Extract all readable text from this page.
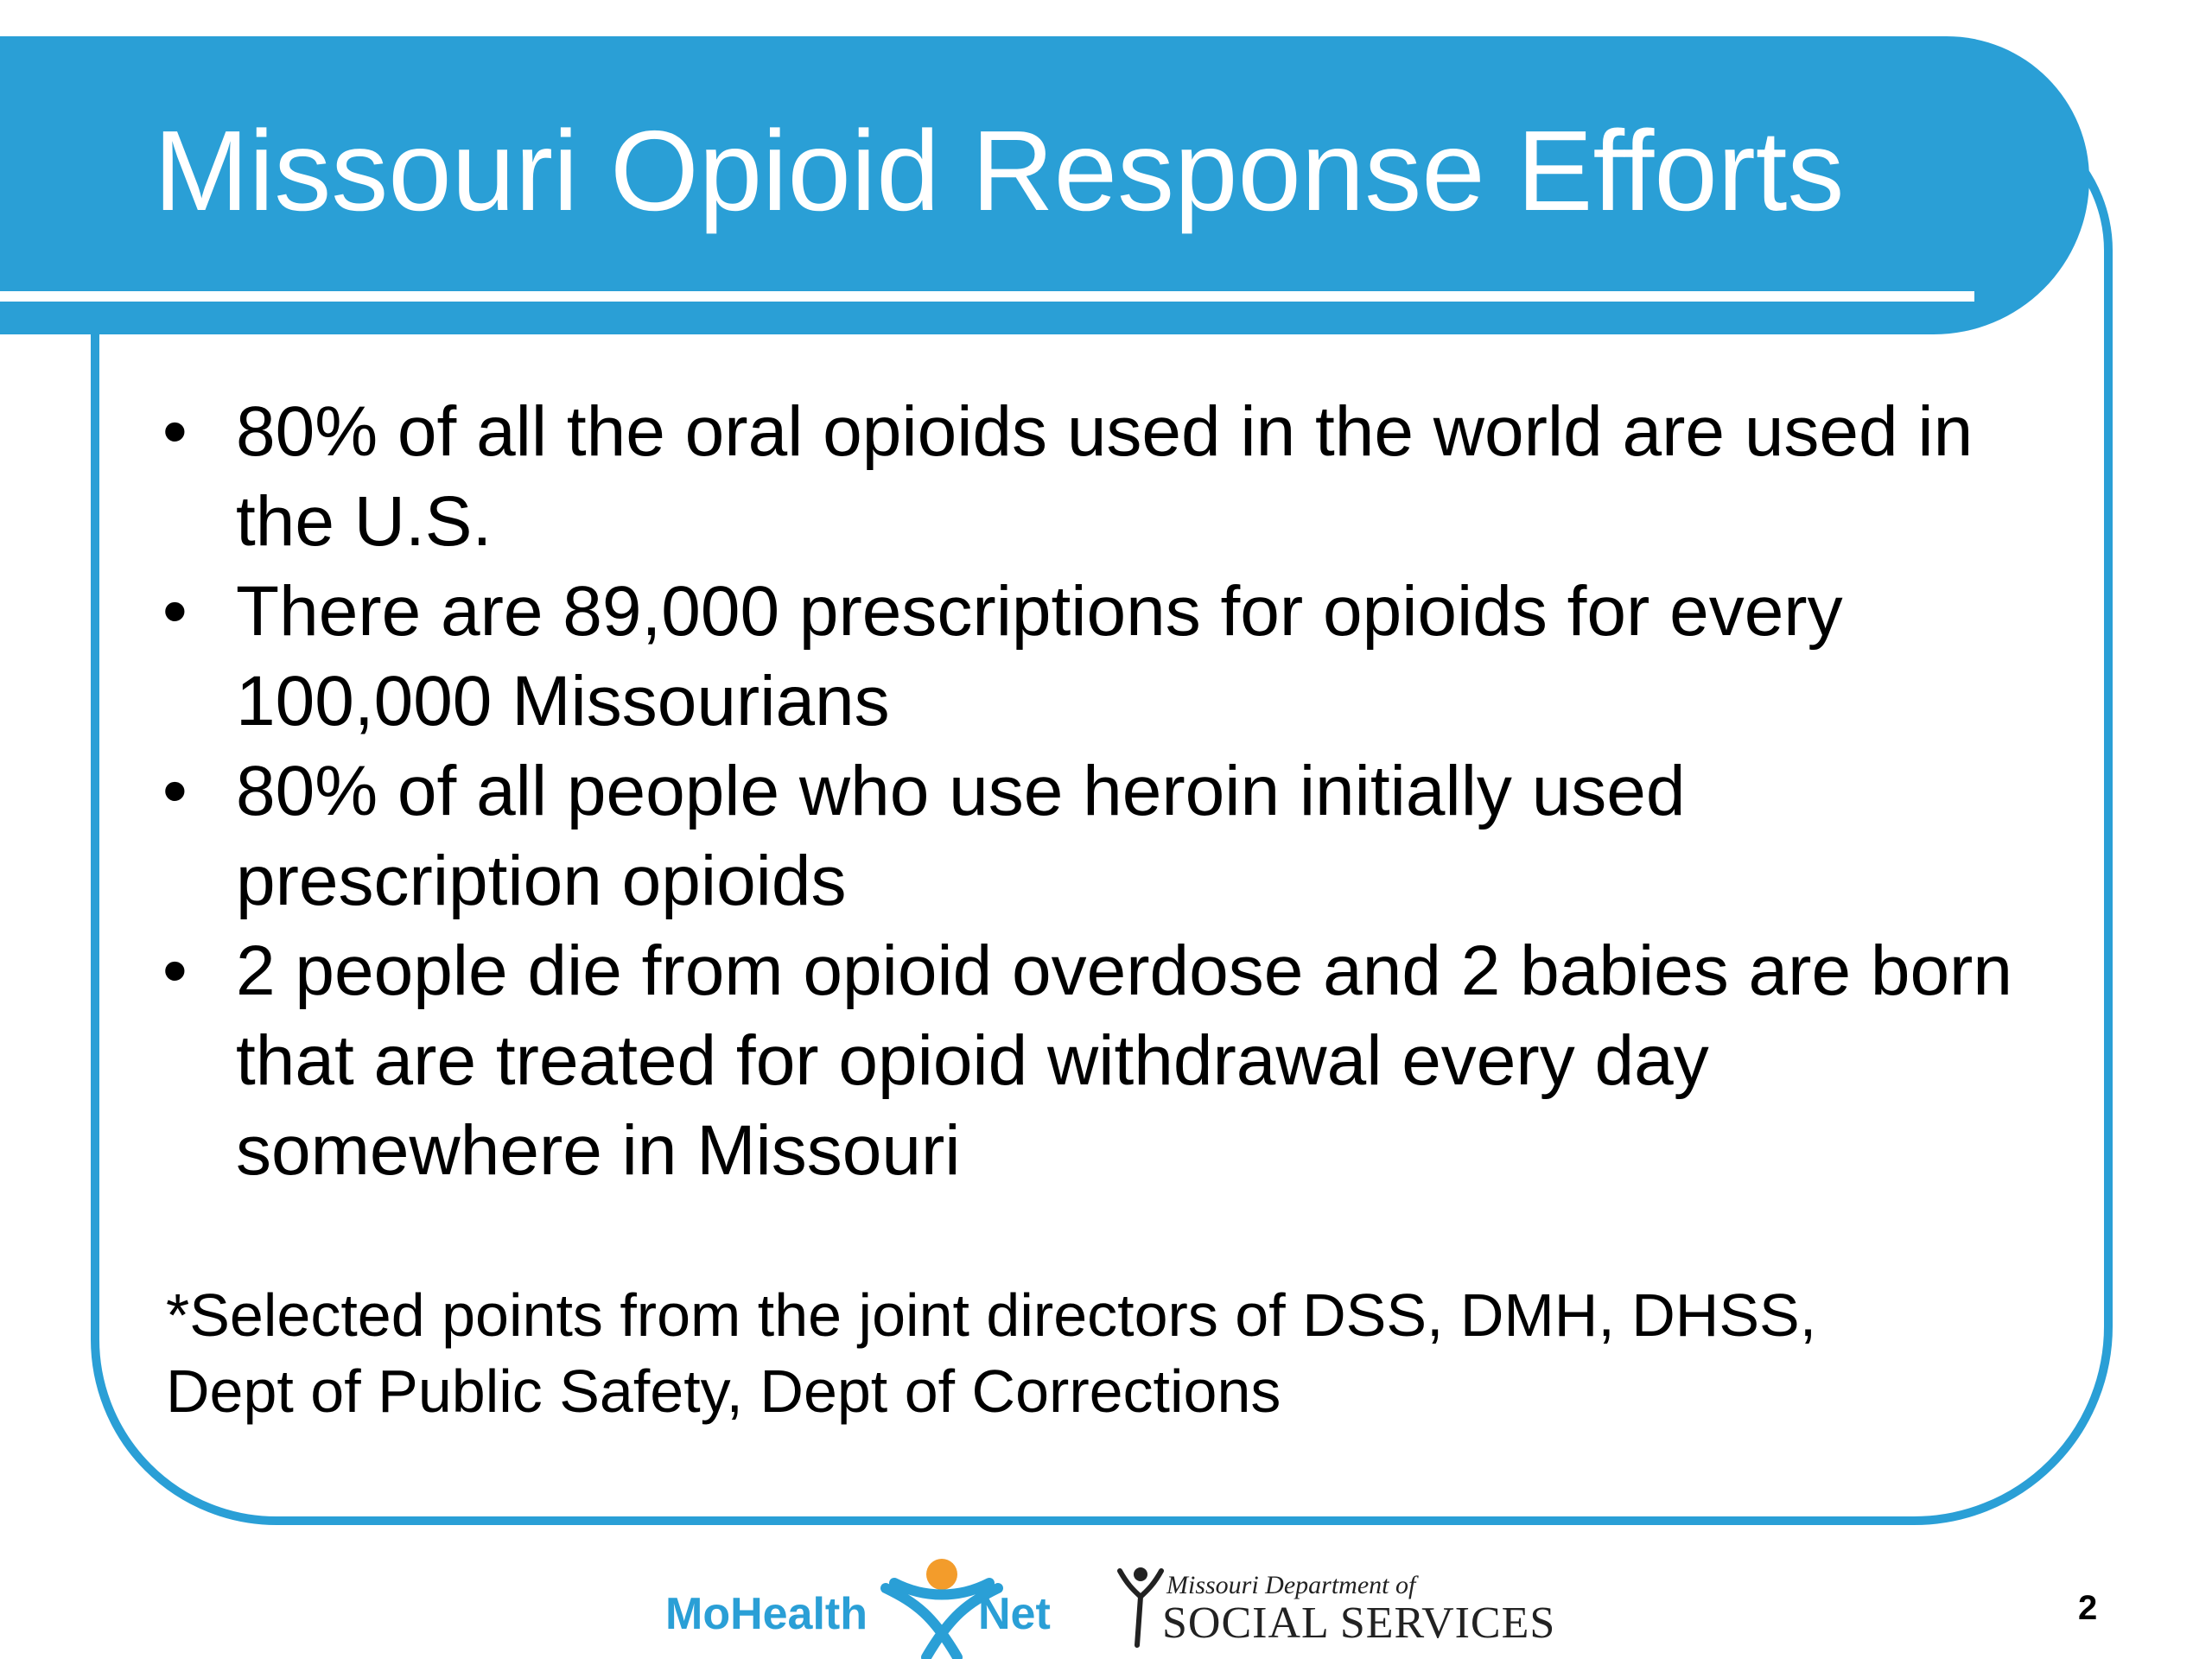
Missouri Opioid Response Efforts
• 80% of all the oral opioids used in the world are used in the U.S.
• There are 89,000 prescriptions for opioids for every 100,000 Missourians
• 80% of all people who use heroin initially used prescription opioids
• 2 people die from opioid overdose and 2 babies are born that are treated for opioid withdrawal every day somewhere in Missouri

*Selected points from the joint directors of DSS, DMH, DHSS,
Dept of Public Safety, Dept of Corrections

MoHealth Net
Missouri Department of
SOCIAL SERVICES	2
